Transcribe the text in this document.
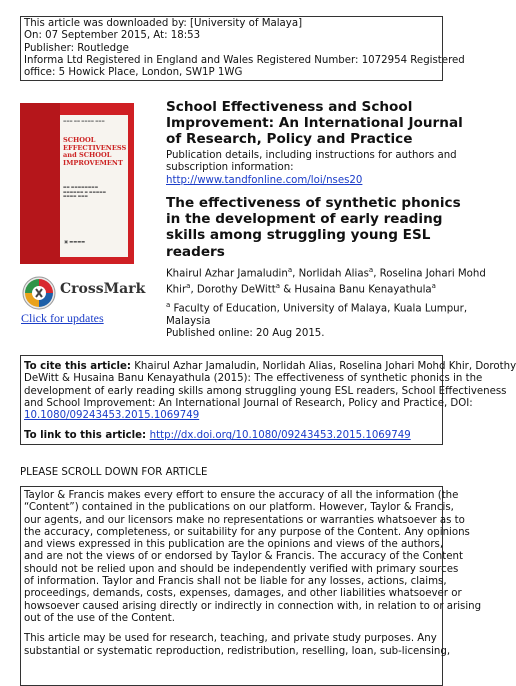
This article was downloaded by: [University of Malaya]
On: 07 September 2015, At: 18:53
Publisher: Routledge
Informa Ltd Registered in England and Wales Registered Number: 1072954 Registered
office: 5 Howick Place, London, SW1P 1WG
▬▬▬ ▬▬ ▬▬▬▬ ▬▬▬
SCHOOL
EFFECTIVENESS
and SCHOOL
IMPROVEMENT
▬▬ ▬▬▬▬▬▬▬▬
▬▬▬▬▬▬ ▬ ▬▬▬▬▬
▬▬▬▬ ▬▬▬
▣ ▬▬▬▬
CrossMark
Click for updates
School Effectiveness and School
Improvement: An International Journal
of Research, Policy and Practice
Publication details, including instructions for authors and
subscription information:
http://www.tandfonline.com/loi/nses20
The effectiveness of synthetic phonics
in the development of early reading
skills among struggling young ESL
readers
Khairul Azhar Jamaludin$^a$, Norlidah Alias$^a$, Roselina Johari Mohd
Khir$^a$, Dorothy DeWitt$^a$ & Husaina Banu Kenayathula$^a$
$^a$ Faculty of Education, University of Malaya, Kuala Lumpur,
Malaysia
Published online: 20 Aug 2015.
To cite this article: Khairul Azhar Jamaludin, Norlidah Alias, Roselina Johari Mohd Khir, Dorothy
DeWitt & Husaina Banu Kenayathula (2015): The effectiveness of synthetic phonics in the
development of early reading skills among struggling young ESL readers, School Effectiveness
and School Improvement: An International Journal of Research, Policy and Practice, DOI:
10.1080/09243453.2015.1069749
To link to this article: http://dx.doi.org/10.1080/09243453.2015.1069749
PLEASE SCROLL DOWN FOR ARTICLE
Taylor & Francis makes every effort to ensure the accuracy of all the information (the
“Content”) contained in the publications on our platform. However, Taylor & Francis,
our agents, and our licensors make no representations or warranties whatsoever as to
the accuracy, completeness, or suitability for any purpose of the Content. Any opinions
and views expressed in this publication are the opinions and views of the authors,
and are not the views of or endorsed by Taylor & Francis. The accuracy of the Content
should not be relied upon and should be independently verified with primary sources
of information. Taylor and Francis shall not be liable for any losses, actions, claims,
proceedings, demands, costs, expenses, damages, and other liabilities whatsoever or
howsoever caused arising directly or indirectly in connection with, in relation to or arising
out of the use of the Content.
This article may be used for research, teaching, and private study purposes. Any
substantial or systematic reproduction, redistribution, reselling, loan, sub-licensing,
